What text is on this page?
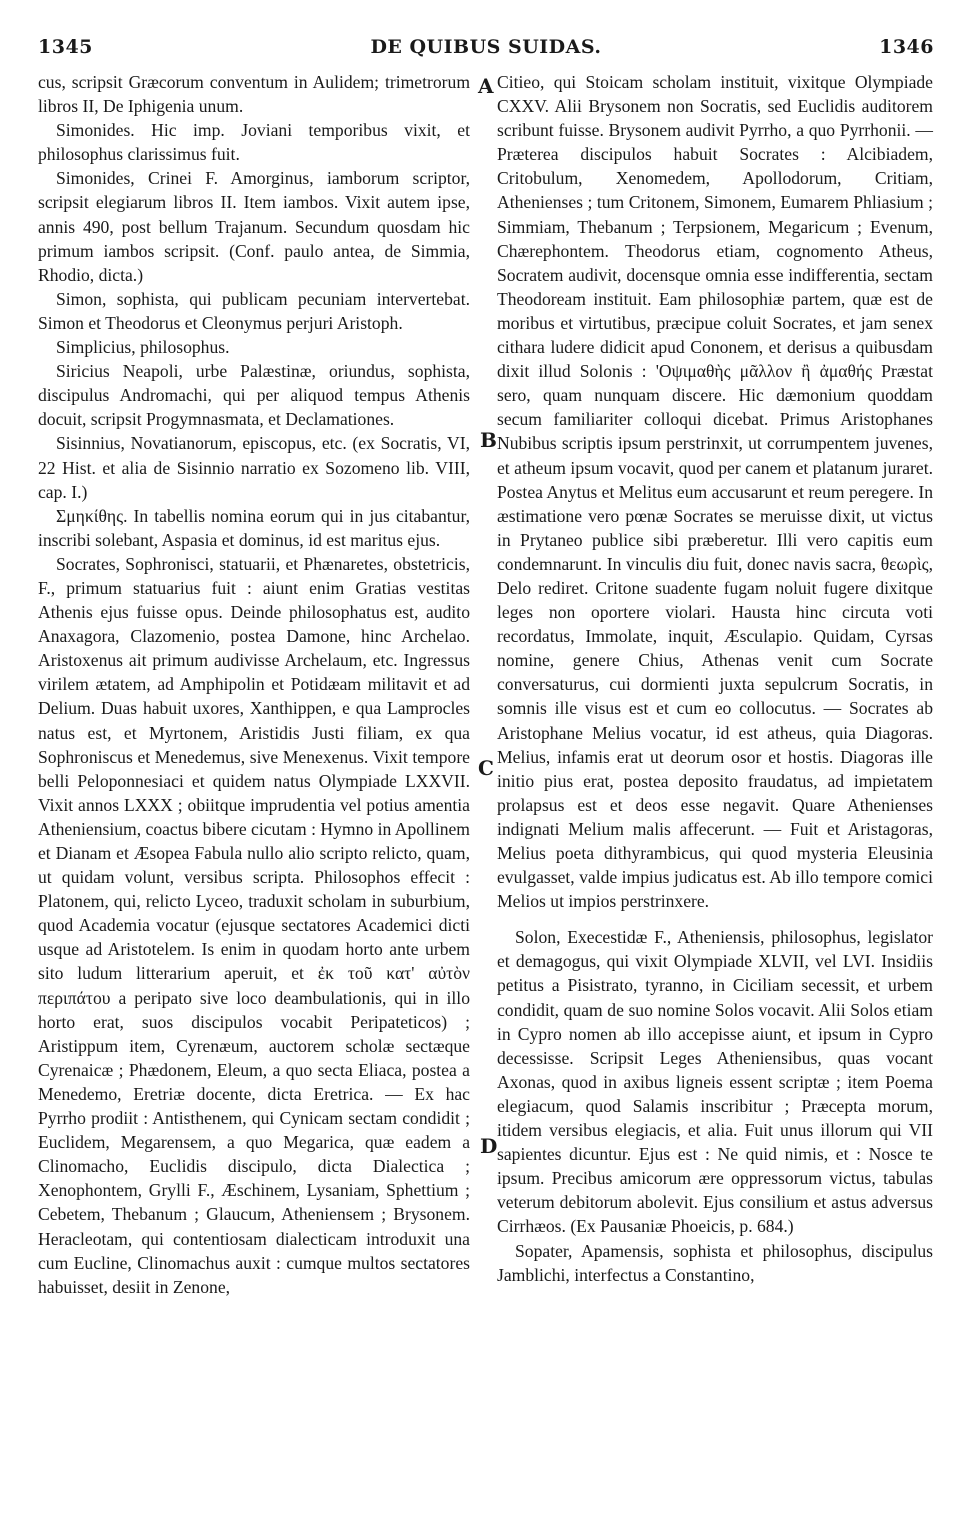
1345	DE QUIBUS SUIDAS.	1346
A
B
C
D

cus, scripsit Græcorum conventum in Aulidem; trimetrorum libros II, De Iphigenia unum.

Simonides. Hic imp. Joviani temporibus vixit, et philosophus clarissimus fuit.

Simonides, Crinei F. Amorginus, iamborum scriptor, scripsit elegiarum libros II. Item iambos. Vixit autem ipse, annis 490, post bellum Trajanum. Secundum quosdam hic primum iambos scripsit. (Conf. paulo antea, de Simmia, Rhodio, dicta.)

Simon, sophista, qui publicam pecuniam intervertebat. Simon et Theodorus et Cleonymus perjuri Aristoph.

Simplicius, philosophus.

Siricius Neapoli, urbe Palæstinæ, oriundus, sophista, discipulus Andromachi, qui per aliquod tempus Athenis docuit, scripsit Progymnasmata, et Declamationes.

Sisinnius, Novatianorum, episcopus, etc. (ex Socratis, VI, 22 Hist. et alia de Sisinnio narratio ex Sozomeno lib. VIII, cap. I.)

Σμηκίθης. In tabellis nomina eorum qui in jus citabantur, inscribi solebant, Aspasia et dominus, id est maritus ejus.

Socrates, Sophronisci, statuarii, et Phænaretes, obstetricis, F., primum statuarius fuit : aiunt enim Gratias vestitas Athenis ejus fuisse opus. Deinde philosophatus est, audito Anaxagora, Clazomenio, postea Damone, hinc Archelao. Aristoxenus ait primum audivisse Archelaum, etc. Ingressus virilem ætatem, ad Amphipolin et Potidæam militavit et ad Delium. Duas habuit uxores, Xanthippen, e qua Lamprocles natus est, et Myrtonem, Aristidis Justi filiam, ex qua Sophroniscus et Menedemus, sive Menexenus. Vixit tempore belli Peloponnesiaci et quidem natus Olympiade LXXVII. Vixit annos LXXX ; obiitque imprudentia vel potius amentia Atheniensium, coactus bibere cicutam : Hymno in Apollinem et Dianam et Æsopea Fabula nullo alio scripto relicto, quam, ut quidam volunt, versibus scripta. Philosophos effecit : Platonem, qui, relicto Lyceo, traduxit scholam in suburbium, quod Academia vocatur (ejusque sectatores Academici dicti usque ad Aristotelem. Is enim in quodam horto ante urbem sito ludum litterarium aperuit, et ἐκ τοῦ κατ' αὐτὸν περιπάτου a peripato sive loco deambulationis, qui in illo horto erat, suos discipulos vocabit Peripateticos) ; Aristippum item, Cyrenæum, auctorem scholæ sectæque Cyrenaicæ ; Phædonem, Eleum, a quo secta Eliaca, postea a Menedemo, Eretriæ docente, dicta Eretrica. — Ex hac Pyrrho prodiit : Antisthenem, qui Cynicam sectam condidit ; Euclidem, Megarensem, a quo Megarica, quæ eadem a Clinomacho, Euclidis discipulo, dicta Dialectica ; Xenophontem, Grylli F., Æschinem, Lysaniam, Sphettium ; Cebetem, Thebanum ; Glaucum, Atheniensem ; Brysonem. Heracleotam, qui contentiosam dialecticam introduxit una cum Eucline, Clinomachus auxit : cumque multos sectatores habuisset, desiit in Zenone,

Citieo, qui Stoicam scholam instituit, vixitque Olympiade CXXV. Alii Brysonem non Socratis, sed Euclidis auditorem scribunt fuisse. Brysonem audivit Pyrrho, a quo Pyrrhonii. — Præterea discipulos habuit Socrates : Alcibiadem, Critobulum, Xenomedem, Apollodorum, Critiam, Athenienses ; tum Critonem, Simonem, Eumarem Phliasium ; Simmiam, Thebanum ; Terpsionem, Megaricum ; Evenum, Chærephontem. Theodorus etiam, cognomento Atheus, Socratem audivit, docensque omnia esse indifferentia, sectam Theodoream instituit. Eam philosophiæ partem, quæ est de moribus et virtutibus, præcipue coluit Socrates, et jam senex cithara ludere didicit apud Cononem, et derisus a quibusdam dixit illud Solonis : 'Οψιμαθὴς μᾶλλον ἢ ἀμαθής Præstat sero, quam nunquam discere. Hic dæmonium quoddam secum familiariter colloqui dicebat. Primus Aristophanes Nubibus scriptis ipsum perstrinxit, ut corrumpentem juvenes, et atheum ipsum vocavit, quod per canem et platanum juraret. Postea Anytus et Melitus eum accusarunt et reum peregere. In æstimatione vero pœnæ Socrates se meruisse dixit, ut victus in Prytaneo publice sibi præberetur. Illi vero capitis eum condemnarunt. In vinculis diu fuit, donec navis sacra, θεωρὶς, Delo rediret. Critone suadente fugam noluit fugere dixitque leges non oportere violari. Hausta hinc circuta voti recordatus, Immolate, inquit, Æsculapio. Quidam, Cyrsas nomine, genere Chius, Athenas venit cum Socrate conversaturus, cui dormienti juxta sepulcrum Socratis, in somnis ille visus est et cum eo collocutus. — Socrates ab Aristophane Melius vocatur, id est atheus, quia Diagoras. Melius, infamis erat ut deorum osor et hostis. Diagoras ille initio pius erat, postea deposito fraudatus, ad impietatem prolapsus est et deos esse negavit. Quare Athenienses indignati Melium malis affecerunt. — Fuit et Aristagoras, Melius poeta dithyrambicus, qui quod mysteria Eleusinia evulgasset, valde impius judicatus est. Ab illo tempore comici Melios ut impios perstrinxere.

Solon, Execestidæ F., Atheniensis, philosophus, legislator et demagogus, qui vixit Olympiade XLVII, vel LVI. Insidiis petitus a Pisistrato, tyranno, in Ciciliam secessit, et urbem condidit, quam de suo nomine Solos vocavit. Alii Solos etiam in Cypro nomen ab illo accepisse aiunt, et ipsum in Cypro decessisse. Scripsit Leges Atheniensibus, quas vocant Axonas, quod in axibus ligneis essent scriptæ ; item Poema elegiacum, quod Salamis inscribitur ; Præcepta morum, itidem versibus elegiacis, et alia. Fuit unus illorum qui VII sapientes dicuntur. Ejus est : Ne quid nimis, et : Nosce te ipsum. Precibus amicorum ære oppressorum victus, tabulas veterum debitorum abolevit. Ejus consilium et astus adversus Cirrhæos. (Ex Pausaniæ Phoeicis, p. 684.)

Sopater, Apamensis, sophista et philosophus, discipulus Jamblichi, interfectus a Constantino,
